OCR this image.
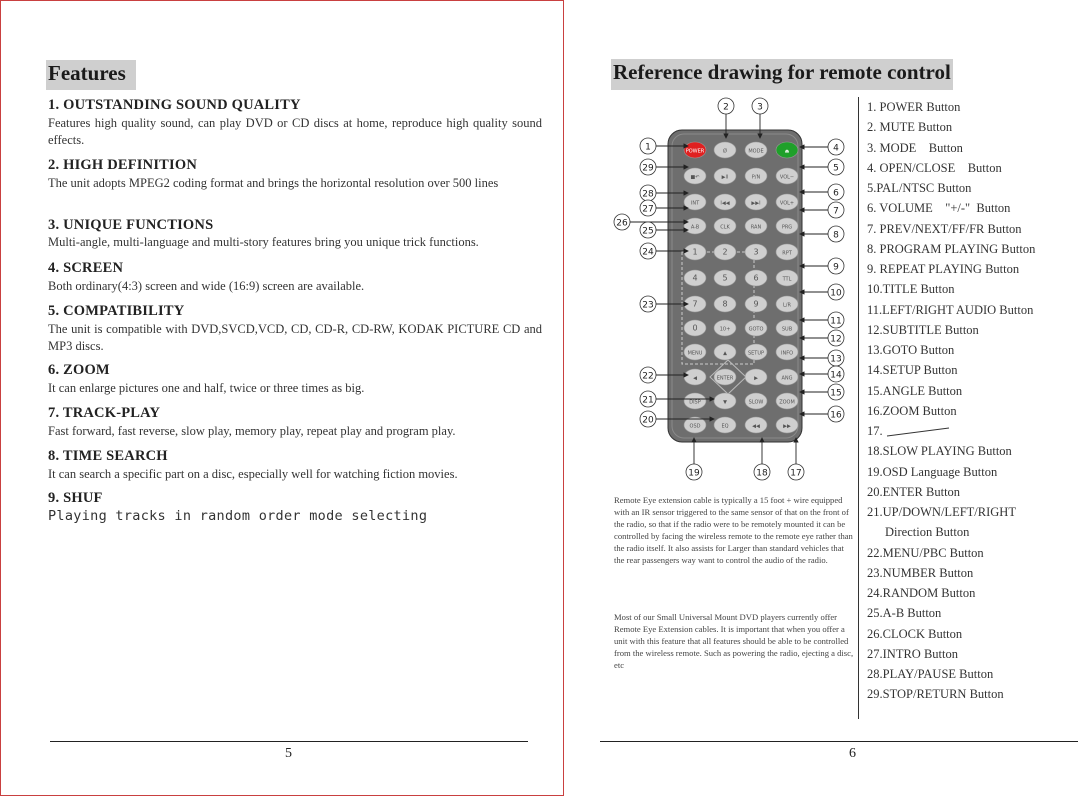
Features
1. OUTSTANDING SOUND QUALITY
Features high quality sound, can play DVD or CD discs at home, reproduce high quality sound effects.
2. HIGH DEFINITION
The unit adopts MPEG2 coding format and brings the horizontal resolution over 500 lines
3. UNIQUE FUNCTIONS
Multi-angle, multi-language and multi-story features bring you unique trick functions.
4. SCREEN
Both ordinary(4:3) screen and wide (16:9) screen are available.
5. COMPATIBILITY
The unit is compatible with DVD,SVCD,VCD, CD, CD-R, CD-RW, KODAK PICTURE CD and MP3 discs.
6. ZOOM
It can enlarge pictures one and half, twice or three times as big.
7. TRACK-PLAY
Fast forward, fast reverse, slow play, memory play, repeat play and program play.
8. TIME SEARCH
It can search a specific part on a disc, especially well for watching fiction movies.
9. SHUF
Playing tracks in random order mode selecting
5
Reference drawing for remote control
POWER	Ø	MODE	⏏
■↶	▶II	P/N	VOL−
INT	I◀◀	▶▶I	VOL+
A-B	CLK	RAN	PRG
1	2	3	RPT
4	5	6	TTL
7	8	9	L/R
0	10+	GOTO	SUB
MENU	▲	SETUP	INFO
◀	ENTER	▶	ANG
DISP	▼	SLOW	ZOOM
OSD	EQ	◀◀	▶▶
2	3
1
29
28
27
26
25
24
23
22
21
20
4
5
6
7
8
9
10
11
12
13
14
15
16
19	18	17
Remote Eye extension cable is typically a 15 foot + wire equipped with an IR sensor triggered to the same sensor of that on the front of the radio, so that if the radio were to be remotely mounted it can be controlled by facing the wireless remote to the remote eye rather than the radio itself. It also assists for Larger than standard vehicles that the rear passengers way want to control the audio of the radio.
Most of our Small Universal Mount DVD players currently offer Remote Eye Extension cables. It is important that when you offer a unit with this feature that all features should be able to be controlled from the wireless remote. Such as powering the radio, ejecting a disc, etc
1. POWER Button
2. MUTE Button
3. MODE    Button
4. OPEN/CLOSE    Button
5.PAL/NTSC Button
6. VOLUME    "+/-"  Button
7. PREV/NEXT/FF/FR Button
8. PROGRAM PLAYING Button
9. REPEAT PLAYING Button
10.TITLE Button
11.LEFT/RIGHT AUDIO Button
12.SUBTITLE Button
13.GOTO Button
14.SETUP Button
15.ANGLE Button
16.ZOOM Button
17.
18.SLOW PLAYING Button
19.OSD Language Button
20.ENTER Button
21.UP/DOWN/LEFT/RIGHT
Direction Button
22.MENU/PBC Button
23.NUMBER Button
24.RANDOM Button
25.A-B Button
26.CLOCK Button
27.INTRO Button
28.PLAY/PAUSE Button
29.STOP/RETURN Button
6
